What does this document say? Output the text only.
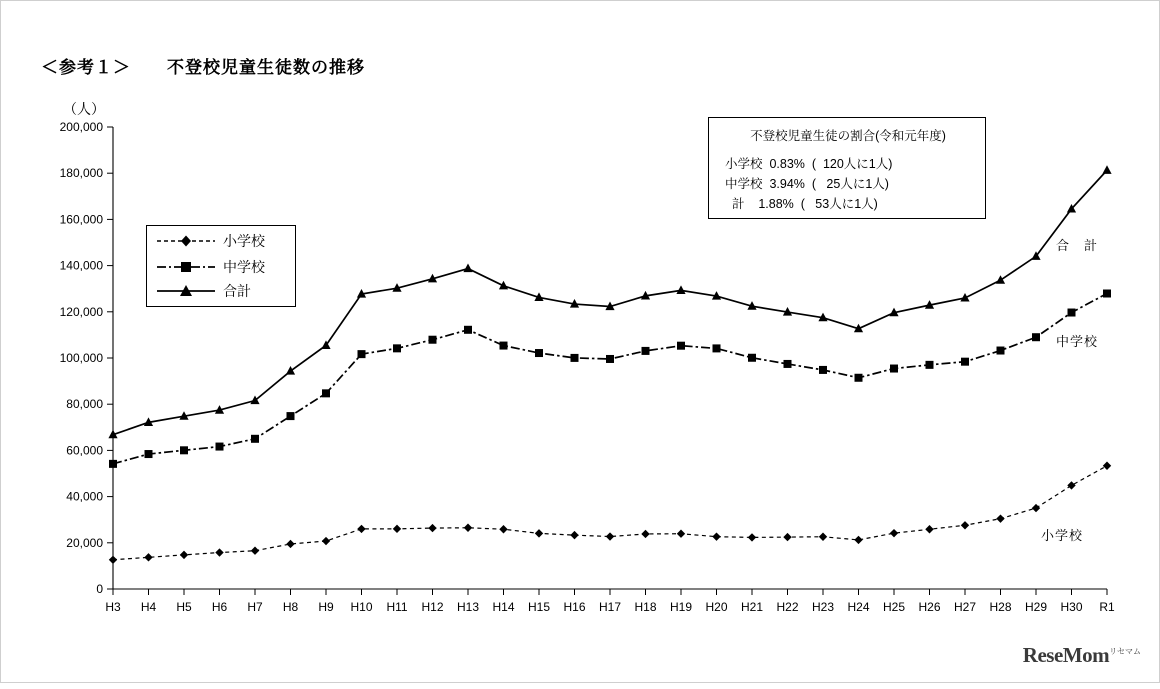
＜参考１＞　　不登校児童生徒数の推移
（人）
0
20,000
40,000
60,000
80,000
100,000
120,000
140,000
160,000
180,000
200,000
H3 H4 H5 H6 H7 H8 H9 H10 H11 H12 H13 H14 H15 H16 H17 H18 H19 H20 H21 H22 H23 H24 H25 H26 H27 H28 H29 H30 R1
小学校
中学校
合計
不登校児童生徒の割合(令和元年度)
小学校  0.83%  (  120人に1人)
中学校  3.94%  (   25人に1人)
計    1.88%  (   53人に1人)
合　計
中学校
小学校
ReseMom$^{リセマム}$
